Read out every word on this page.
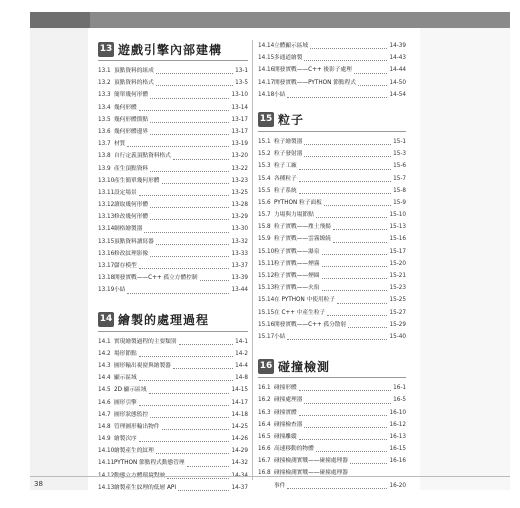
13 遊戲引擎內部建構
13.1 頂點資料的組成	13-1
13.2 頂點資料的格式	13-5
13.3 簡單幾何形體	13-10
13.4 幾何形體	13-14
13.5 幾何形體節點	13-17
13.6 幾何形體邊界	13-17
13.7 材質	13-19
13.8 自行定義頂點資料格式	13-20
13.9 產生頂點資料	13-22
13.10 產生簡單幾何形體	13-23
13.11 設定場景	13-25
13.12 讀取幾何形體	13-28
13.13 修改幾何形體	13-29
13.14 網格繪製器	13-30
13.15 頂點資料讀寫器	13-32
13.16 修改紋理影像	13-33
13.17 儲存模型	13-37
13.18 開發實戰——C++ 孤立方體控制	13-39
13.19 小結	13-44
14 繪製的處理過程
14.1 實現繪製過程的主要類別	14-1
14.2 場形節點	14-2
14.3 圖形輸出視窗與繪製器	14-4
14.4 顯示區域	14-8
14.5 2D 顯示區域	14-15
14.6 圖形引擎	14-17
14.7 圖形狀態監控	14-18
14.8 管理圖形輸出物件	14-25
14.9 繪製次序	14-26
14.10 繪製產生的紋理	14-29
14.11 PYTHON 節點程式動態管理	14-32
14.12 動態立方體環境對映	14-34
14.13 繪製產生紋理的低層 API	14-37
14.14 立體顯示區域	14-39
14.15 多通道繪製	14-43
14.16 開發實戰——C++ 後影子處理	14-44
14.17 開發實戰——PYTHON 節點程式	14-50
14.18 小結	14-54
15 粒子
15.1 粒子繪製器	15-1
15.2 粒子發射器	15-3
15.3 粒子工廠	15-6
15.4 各種粒子	15-7
15.5 粒子系統	15-8
15.6 PYTHON 粒子面板	15-9
15.7 力場與力場節點	15-10
15.8 粒子實戰——塵土飛揚	15-13
15.9 粒子實戰——雲霧繚繞	15-16
15.10 粒子實戰——瀑泉	15-17
15.11 粒子實戰——煙霧	15-20
15.12 粒子實戰——煙圈	15-21
15.13 粒子實戰——火焰	15-23
15.14 在 PYTHON 中使用粒子	15-25
15.15 在 C++ 中產生粒子	15-27
15.16 開發實戰——C++ 孤分散射	15-29
15.17 小結	15-40
16 碰撞檢測
16.1 碰撞形體	16-1
16.2 碰撞處理器	16-5
16.3 碰撞實體	16-10
16.4 碰撞檢查器	16-12
16.5 碰撞離縱	16-13
16.6 高速移動的物體	16-15
16.7 碰撞檢測實戰——碰撞處理器	16-16
16.8 碰撞檢測實戰——碰撞處理器
事件	16-20
38
